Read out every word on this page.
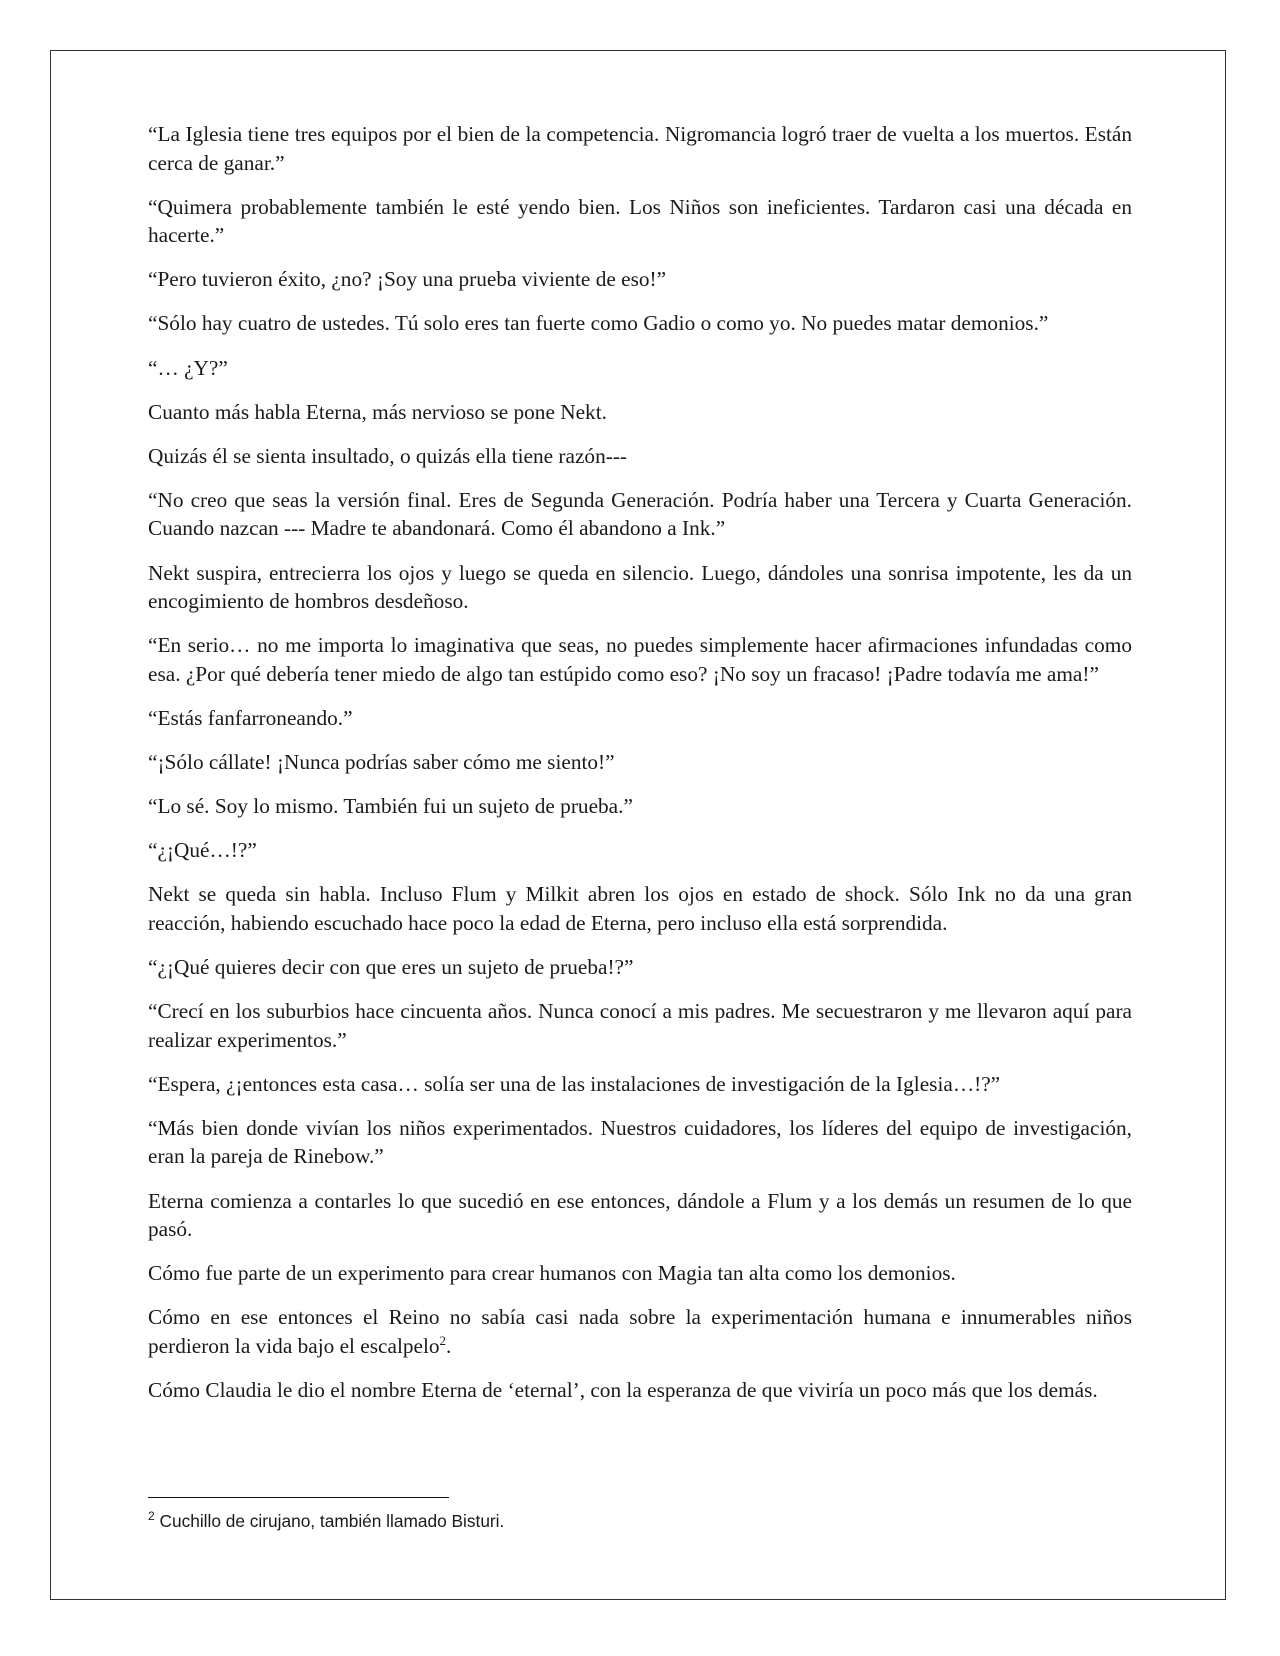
“La Iglesia tiene tres equipos por el bien de la competencia. Nigromancia logró traer de vuelta a los muertos. Están cerca de ganar.”

“Quimera probablemente también le esté yendo bien. Los Niños son ineficientes. Tardaron casi una década en hacerte.”

“Pero tuvieron éxito, ¿no? ¡Soy una prueba viviente de eso!”

“Sólo hay cuatro de ustedes. Tú solo eres tan fuerte como Gadio o como yo. No puedes matar demonios.”

“… ¿Y?”

Cuanto más habla Eterna, más nervioso se pone Nekt.

Quizás él se sienta insultado, o quizás ella tiene razón---

“No creo que seas la versión final. Eres de Segunda Generación. Podría haber una Tercera y Cuarta Generación. Cuando nazcan --- Madre te abandonará. Como él abandono a Ink.”

Nekt suspira, entrecierra los ojos y luego se queda en silencio. Luego, dándoles una sonrisa impotente, les da un encogimiento de hombros desdeñoso.

“En serio… no me importa lo imaginativa que seas, no puedes simplemente hacer afirmaciones infundadas como esa. ¿Por qué debería tener miedo de algo tan estúpido como eso? ¡No soy un fracaso! ¡Padre todavía me ama!”

“Estás fanfarroneando.”

“¡Sólo cállate! ¡Nunca podrías saber cómo me siento!”

“Lo sé. Soy lo mismo. También fui un sujeto de prueba.”

“¿¡Qué…!?”

Nekt se queda sin habla. Incluso Flum y Milkit abren los ojos en estado de shock. Sólo Ink no da una gran reacción, habiendo escuchado hace poco la edad de Eterna, pero incluso ella está sorprendida.

“¿¡Qué quieres decir con que eres un sujeto de prueba!?”

“Crecí en los suburbios hace cincuenta años. Nunca conocí a mis padres. Me secuestraron y me llevaron aquí para realizar experimentos.”

“Espera, ¿¡entonces esta casa… solía ser una de las instalaciones de investigación de la Iglesia…!?”

“Más bien donde vivían los niños experimentados. Nuestros cuidadores, los líderes del equipo de investigación, eran la pareja de Rinebow.”

Eterna comienza a contarles lo que sucedió en ese entonces, dándole a Flum y a los demás un resumen de lo que pasó.

Cómo fue parte de un experimento para crear humanos con Magia tan alta como los demonios.

Cómo en ese entonces el Reino no sabía casi nada sobre la experimentación humana e innumerables niños perdieron la vida bajo el escalpelo$^2$.

Cómo Claudia le dio el nombre Eterna de ‘eternal’, con la esperanza de que viviría un poco más que los demás.

$^2$ Cuchillo de cirujano, también llamado Bisturi.
